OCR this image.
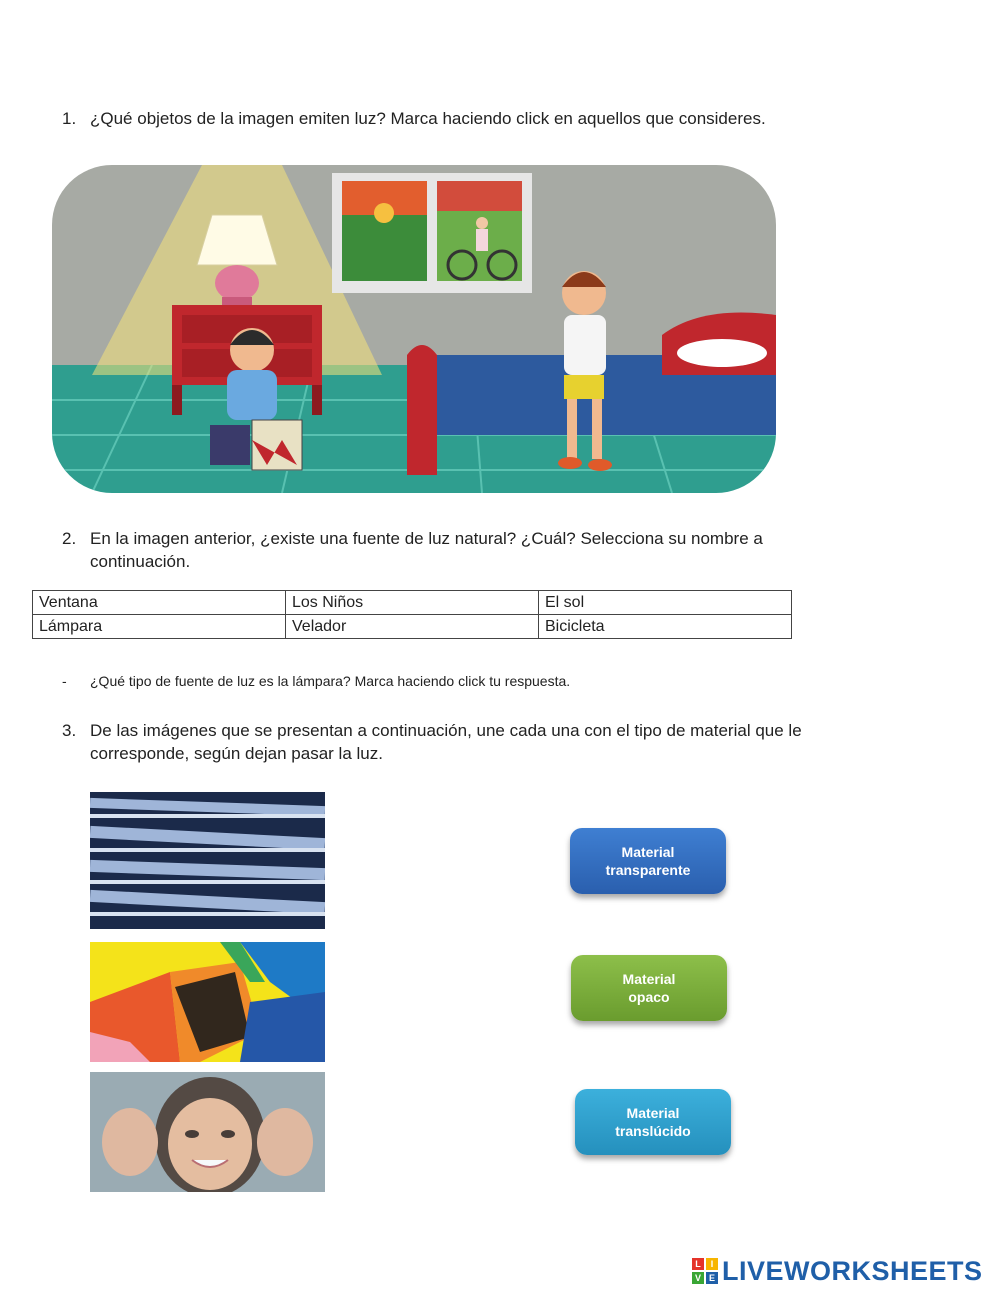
1. ¿Qué objetos de la imagen emiten luz? Marca haciendo click en aquellos que consideres.
2. En la imagen anterior, ¿existe una fuente de luz natural? ¿Cuál? Selecciona su nombre a continuación.
Ventana	Los Niños	El sol
Lámpara	Velador	Bicicleta
- ¿Qué tipo de fuente de luz es la lámpara? Marca haciendo click tu respuesta.
3. De las imágenes que se presentan a continuación, une cada una con el tipo de material que le corresponde, según dejan pasar la luz.
Material
transparente
Material
opaco
Material
translúcido
L	I
V E LIVEWORKSHEETS
